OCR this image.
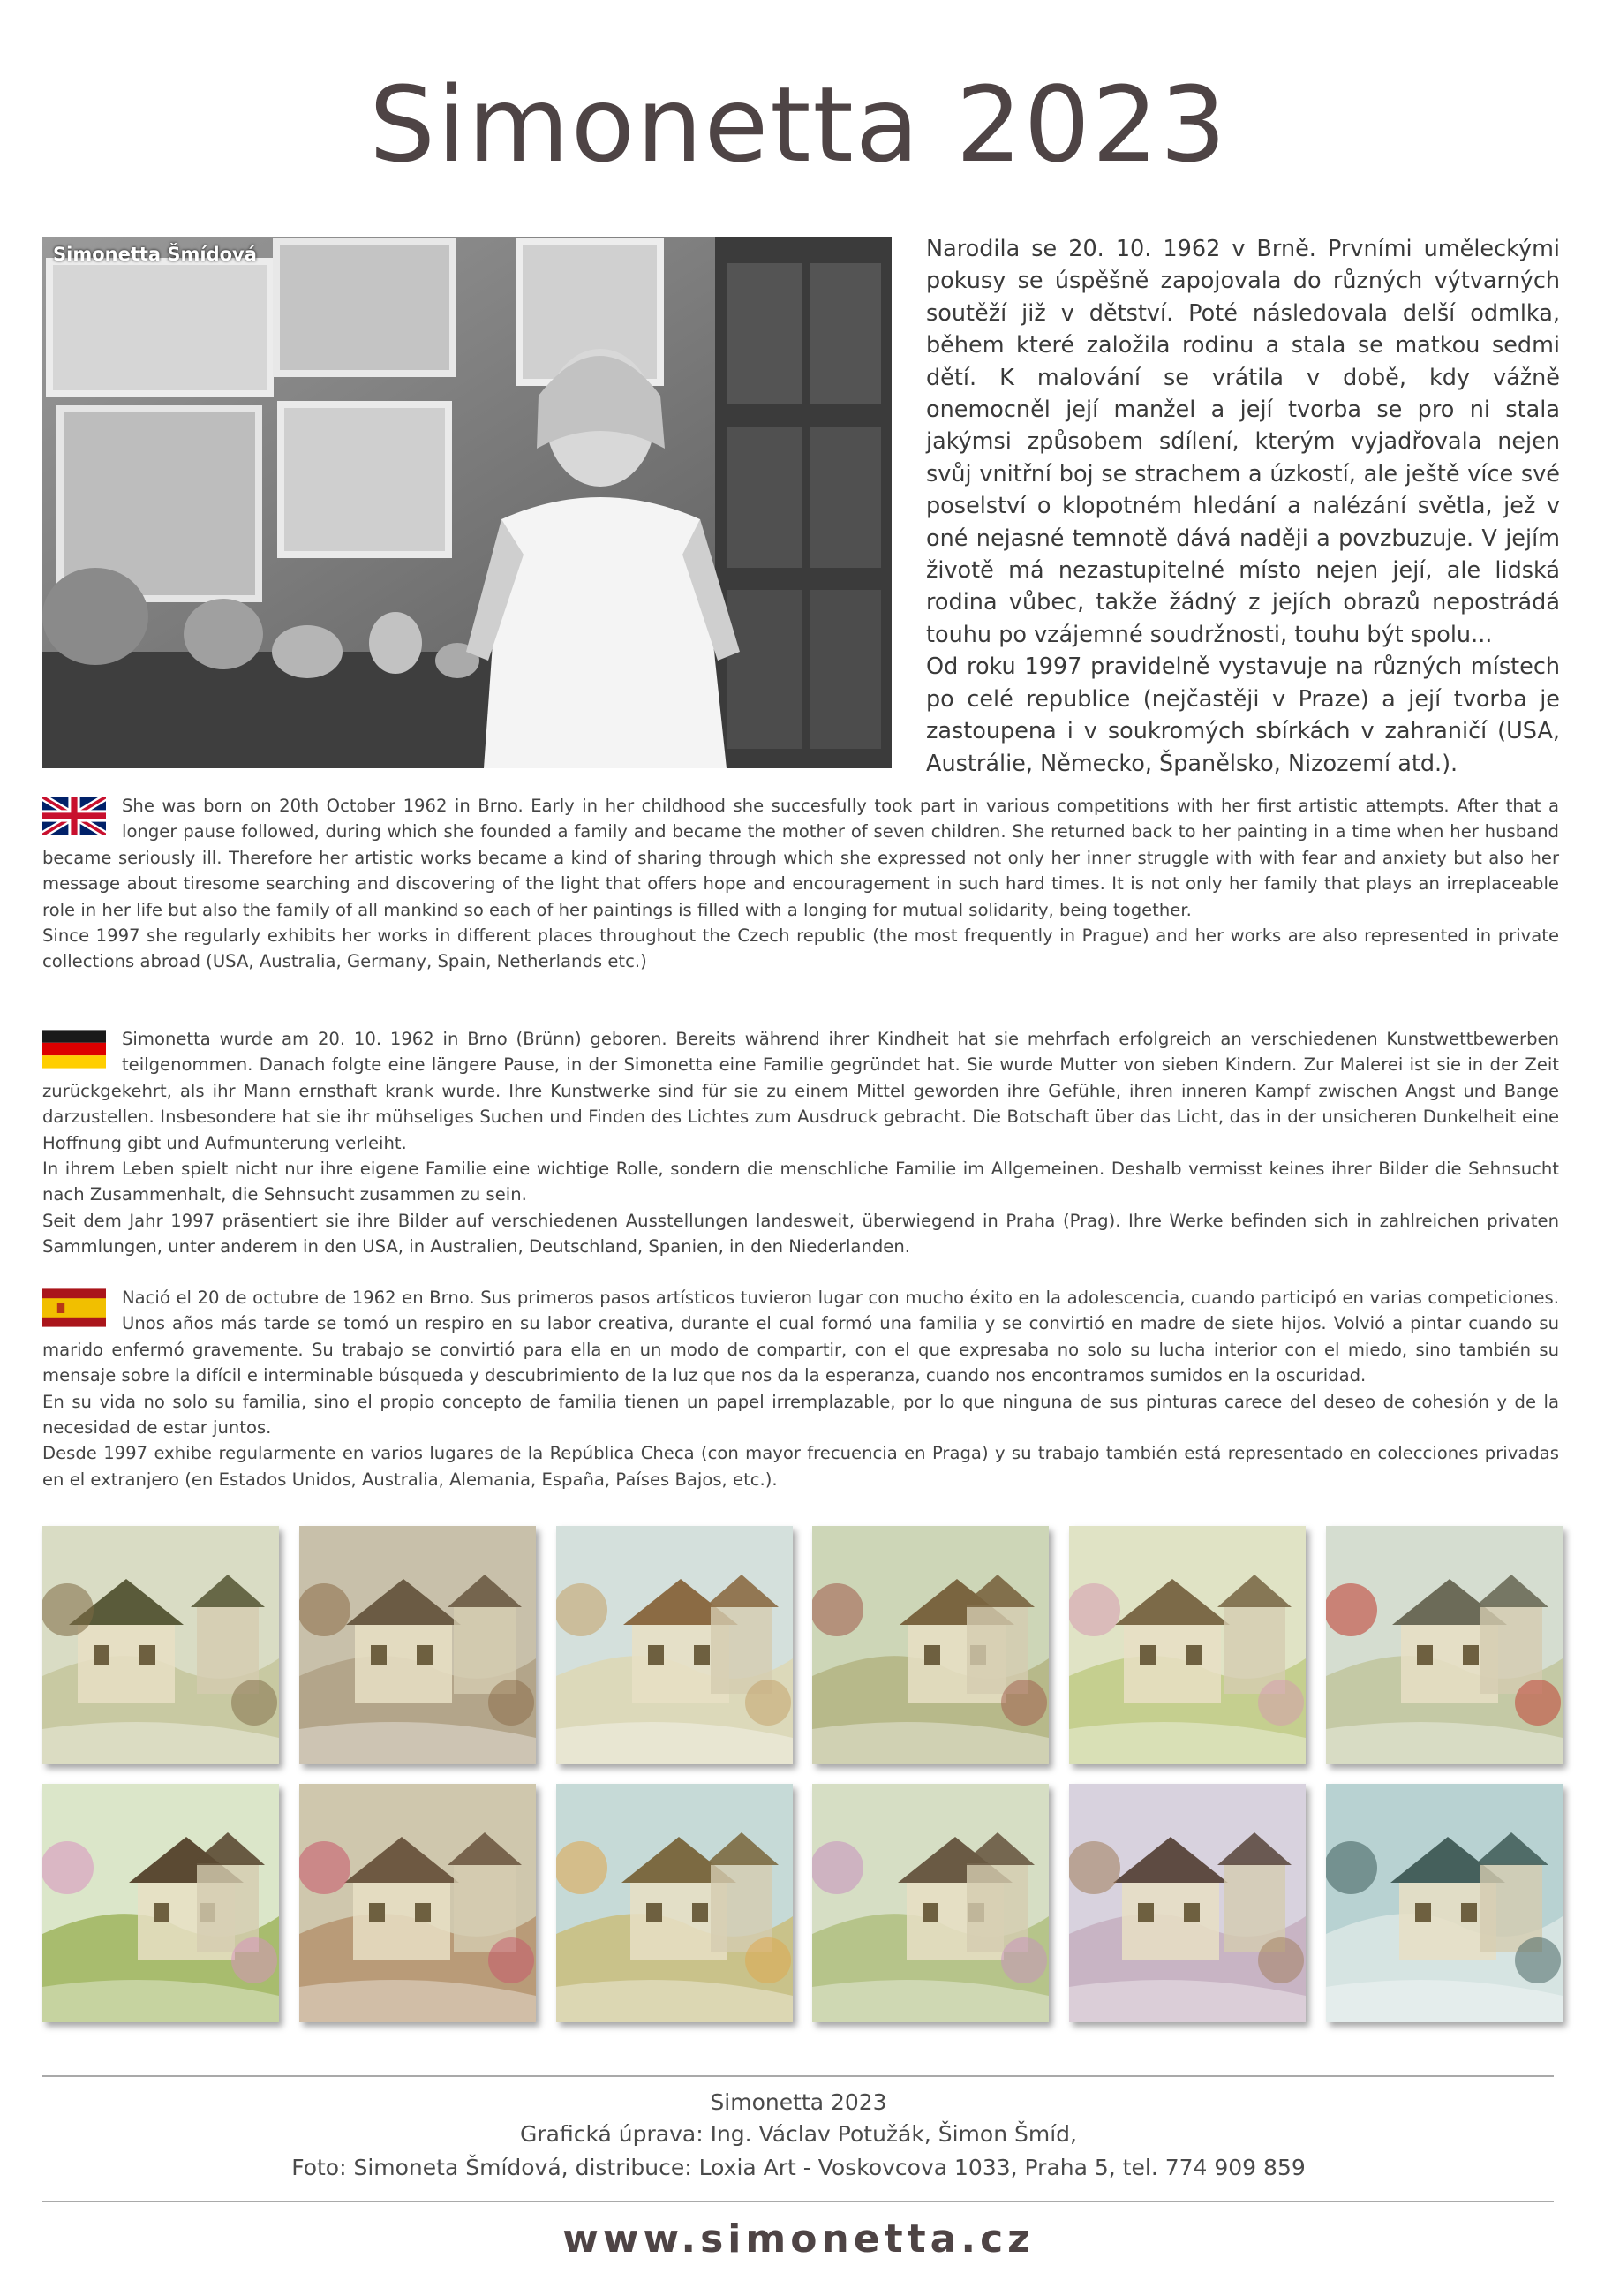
Simonetta 2023
Simonetta Šmídová	Narodila se 20. 10. 1962 v Brně. Prvními uměleckými pokusy se úspěšně zapojovala do různých výtvarných soutěží již v dětství. Poté následovala delší odmlka, během které založila rodinu a stala se matkou sedmi dětí. K malování se vrátila v době, kdy vážně onemocněl její manžel a její tvorba se pro ni stala jakýmsi způsobem sdílení, kterým vyjadřovala nejen svůj vnitřní boj se strachem a úzkostí, ale ještě více své poselství o klopotném hledání a nalézání světla, jež v oné nejasné temnotě dává naději a povzbuzuje. V jejím životě má nezastupitelné místo nejen její, ale lidská rodina vůbec, takže žádný z jejích obrazů nepostrádá touhu po vzájemné soudržnosti, touhu být spolu...

Od roku 1997 pravidelně vystavuje na různých místech po celé republice (nejčastěji v Praze) a její tvorba je zastoupena i v soukromých sbírkách v zahraničí (USA, Austrálie, Německo, Španělsko, Nizozemí atd.).

She was born on 20th October 1962 in Brno. Early in her childhood she succesfully took part in various competitions with her first artistic attempts. After that a longer pause followed, during which she founded a family and became the mother of seven children. She returned back to her painting in a time when her husband became seriously ill. Therefore her artistic works became a kind of sharing through which she expressed not only her inner struggle with with fear and anxiety but also her message about tiresome searching and discovering of the light that offers hope and encouragement in such hard times. It is not only her family that plays an irreplaceable role in her life but also the family of all mankind so each of her paintings is filled with a longing for mutual solidarity, being together.

Since 1997 she regularly exhibits her works in different places throughout the Czech republic (the most frequently in Prague) and her works are also represented in private collections abroad (USA, Australia, Germany, Spain, Netherlands etc.)

Simonetta wurde am 20. 10. 1962 in Brno (Brünn) geboren. Bereits während ihrer Kindheit hat sie mehrfach erfolgreich an verschiedenen Kunstwettbewerben teilgenommen. Danach folgte eine längere Pause, in der Simonetta eine Familie gegründet hat. Sie wurde Mutter von sieben Kindern. Zur Malerei ist sie in der Zeit zurückgekehrt, als ihr Mann ernsthaft krank wurde. Ihre Kunstwerke sind für sie zu einem Mittel geworden ihre Gefühle, ihren inneren Kampf zwischen Angst und Bange darzustellen. Insbesondere hat sie ihr mühseliges Suchen und Finden des Lichtes zum Ausdruck gebracht. Die Botschaft über das Licht, das in der unsicheren Dunkelheit eine Hoffnung gibt und Aufmunterung verleiht.

In ihrem Leben spielt nicht nur ihre eigene Familie eine wichtige Rolle, sondern die menschliche Familie im Allgemeinen. Deshalb vermisst keines ihrer Bilder die Sehnsucht nach Zusammenhalt, die Sehnsucht zusammen zu sein.

Seit dem Jahr 1997 präsentiert sie ihre Bilder auf verschiedenen Ausstellungen landesweit, überwiegend in Praha (Prag). Ihre Werke befinden sich in zahlreichen privaten Sammlungen, unter anderem in den USA, in Australien, Deutschland, Spanien, in den Niederlanden.

Nació el 20 de octubre de 1962 en Brno. Sus primeros pasos artísticos tuvieron lugar con mucho éxito en la adolescencia, cuando participó en varias competiciones. Unos años más tarde se tomó un respiro en su labor creativa, durante el cual formó una familia y se convirtió en madre de siete hijos. Volvió a pintar cuando su marido enfermó gravemente. Su trabajo se convirtió para ella en un modo de compartir, con el que expresaba no solo su lucha interior con el miedo, sino también su mensaje sobre la difícil e interminable búsqueda y descubrimiento de la luz que nos da la esperanza, cuando nos encontramos sumidos en la oscuridad.

En su vida no solo su familia, sino el propio concepto de familia tienen un papel irremplazable, por lo que ninguna de sus pinturas carece del deseo de cohesión y de la necesidad de estar juntos.

Desde 1997 exhibe regularmente en varios lugares de la República Checa (con mayor frecuencia en Praga) y su trabajo también está representado en colecciones privadas en el extranjero (en Estados Unidos, Australia, Alemania, España, Países Bajos, etc.).

Simonetta 2023
Grafická úprava: Ing. Václav Potužák, Šimon Šmíd,
Foto: Simoneta Šmídová, distribuce: Loxia Art - Voskovcova 1033, Praha 5, tel. 774 909 859
www.simonetta.cz
